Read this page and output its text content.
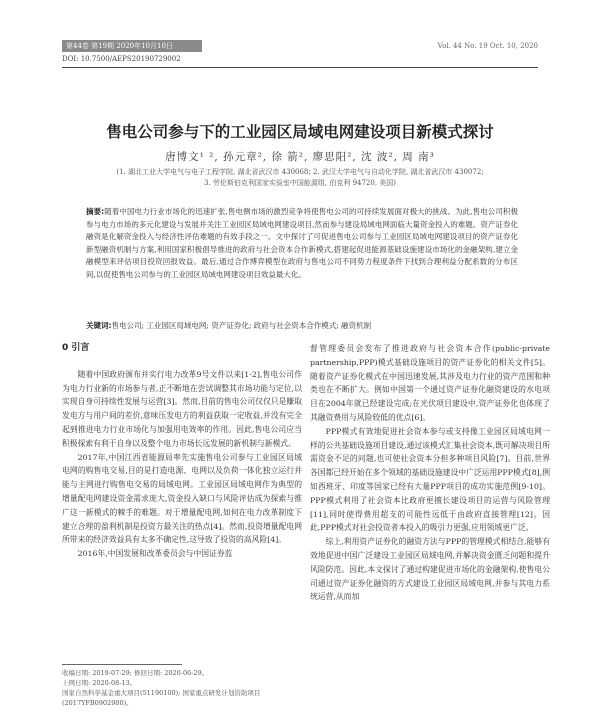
第44卷 第19期 2020年10月10日	Vol. 44 No. 19 Oct. 10, 2020
DOI: 10.7500/AEPS20190729002
售电公司参与下的工业园区局域电网建设项目新模式探讨
唐博文¹ ², 孙元章², 徐 箭², 廖思阳², 沈 波², 周 南³
(1. 湖北工业大学电气与电子工程学院, 湖北省武汉市 430068; 2. 武汉大学电气与自动化学院, 湖北省武汉市 430072;
3. 劳伦斯伯克利国家实验室中国能源组, 伯克利 94720, 美国)
摘要:随着中国电力行业市场化的迅速扩张,售电侧市场的激烈竞争将使售电公司的可持续发展面对极大的挑战。为此,售电公司积极参与电力市场的多元化建设与发展并关注工业园区局域电网建设项目,然而参与建设局域电网面临大量资金投入的难题。资产证券化融资是化解资金投入与经济性评估难题的有效手段之一。文中探讨了可促进售电公司参与工业园区局域电网建设项目的资产证券化新型融资机制与方案,利用国家积极倡导推进的政府与社会资本合作新模式,搭建起促进能源基础设施建设市场化的金融架构,建立金融模型来评估项目投资回报效益。最后,通过合作博弈模型在政府与售电公司不同势力程度条件下找到合理利益分配系数的分布区间,以促使售电公司参与的工业园区局域电网建设项目效益最大化。
关键词:售电公司; 工业园区局域电网; 资产证券化; 政府与社会资本合作模式; 融资机制
0 引言

随着中国政府颁布并实行电力改革9号文件以来[1-2],售电公司作为电力行业新的市场参与者,正不断地在尝试调整其市场功能与定位,以实现自身可持续性发展与运营[3]。然而,目前的售电公司仅仅只是赚取发电方与用户间的差价,意味压发电方的利益获取一定收益,并没有完全起到推进电力行业市场化与加强用电效率的作用。因此,售电公司应当积极探索有利于自身以及整个电力市场长远发展的新机制与新模式。

2017年,中国江西省能源局率先实施售电公司参与工业园区局域电网的购售电交易,目的是打造电源、电网以及负荷一体化独立运行并能与主网进行购售电交易的局域电网。工业园区局域电网作为典型的增量配电网建设资金需求庞大,资金投入缺口与风险评估成为探索与推广这一新模式的棘手的难题。对于增量配电网,如何在电力改革制度下建立合理的盈利机制是投资方最关注的热点[4]。然而,投资增量配电网所带来的经济效益具有太多不确定性,这导致了投资的高风险[4]。

2016年,中国发展和改革委员会与中国证券监

督管理委员会发布了推进政府与社会资本合作(public-private partnership,PPP)模式基础设施项目的资产证券化的相关文件[5]。随着资产证券化模式在中国迅速发展,其涉及电力行业的资产范围和种类也在不断扩大。例如中国第一个通过资产证券化融资建设的水电项目在2004年就已经建设完成;在光伏项目建设中,资产证券化也体现了其融资费用与风险较低的优点[6]。

PPP模式有效地促进社会资本参与或支持像工业园区局域电网一样的公共基础设施项目建设,通过该模式汇集社会资本,既可解决项目所需资金不足的问题,也可使社会资本分担多种项目风险[7]。目前,世界各国都已经开始在多个领域的基础设施建设中广泛运用PPP模式[8],例如西班牙、印度等国家已经有大量PPP项目的成功实施范例[9-10]。PPP模式利用了社会资本比政府更擅长建设项目的运营与风险管理[11],同时使得费用超支的可能性远低于由政府直接管理[12]。因此,PPP模式对社会投资者本投入的吸引力更强,应用领域更广泛。

综上,利用资产证券化的融资方法与PPP的管理模式相结合,能够有效地促进中国广泛建设工业园区局域电网,并解决资金匮乏问题和提升风险防范。因此,本文探讨了通过构建促进市场化的金融架构,使售电公司通过资产证券化融资的方式建设工业园区局域电网,并参与其电力系统运营,从而加

收稿日期: 2019-07-29; 修回日期: 2020-06-29。
上网日期: 2020-08-13。
国家自然科学基金重大项目(51190100); 国家重点研发计划资助项目(2017YFB0902900)。
